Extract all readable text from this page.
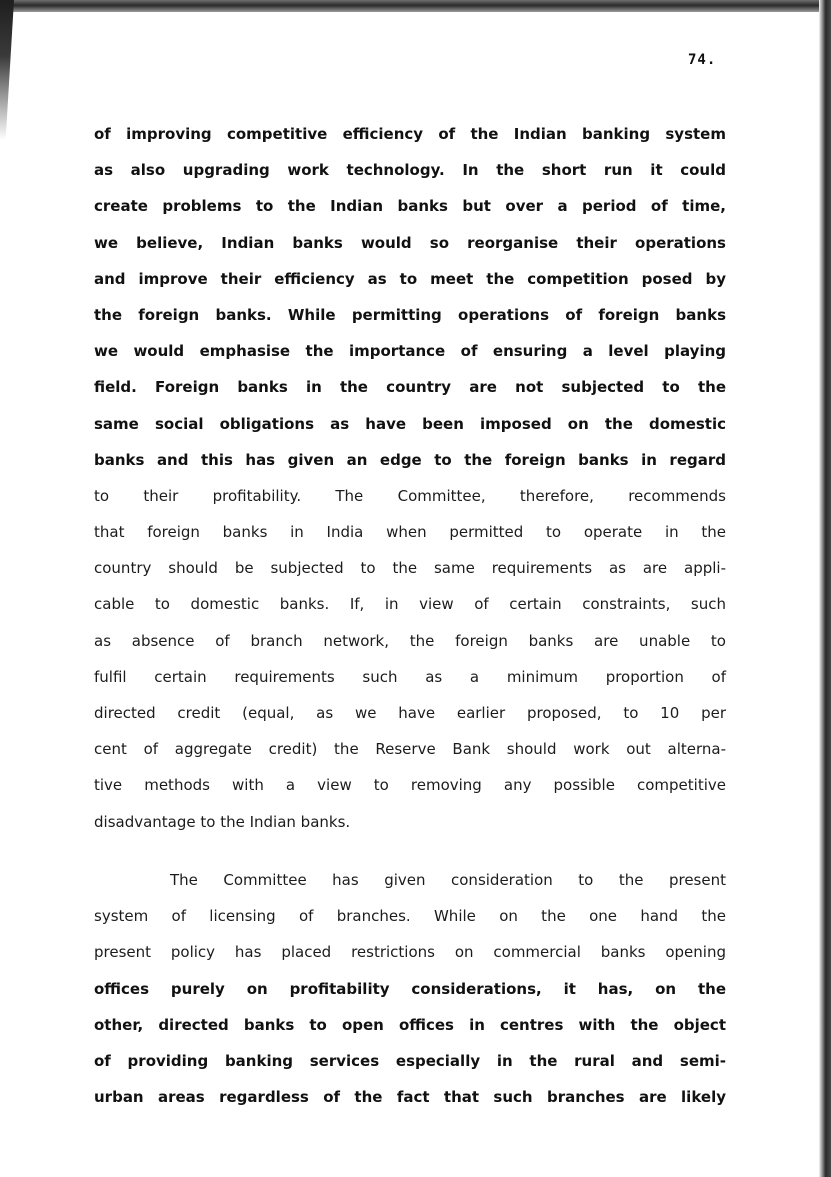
74.
of improving competitive efficiency of the Indian banking system
as also upgrading work technology. In the short run it could
create problems to the Indian banks but over a period of time,
we believe, Indian banks would so reorganise their operations
and improve their efficiency as to meet the competition posed by
the foreign banks. While permitting operations of foreign banks
we would emphasise the importance of ensuring a level playing
field. Foreign banks in the country are not subjected to the
same social obligations as have been imposed on the domestic
banks and this has given an edge to the foreign banks in regard
to their profitability. The Committee, therefore, recommends
that foreign banks in India when permitted to operate in the
country should be subjected to the same requirements as are appli-
cable to domestic banks. If, in view of certain constraints, such
as absence of branch network, the foreign banks are unable to
fulfil certain requirements such as a minimum proportion of
directed credit (equal, as we have earlier proposed, to 10 per
cent of aggregate credit) the Reserve Bank should work out alterna-
tive methods with a view to removing any possible competitive
disadvantage to the Indian banks.
The Committee has given consideration to the present
system of licensing of branches. While on the one hand the
present policy has placed restrictions on commercial banks opening
offices purely on profitability considerations, it has, on the
other, directed banks to open offices in centres with the object
of providing banking services especially in the rural and semi-
urban areas regardless of the fact that such branches are likely
